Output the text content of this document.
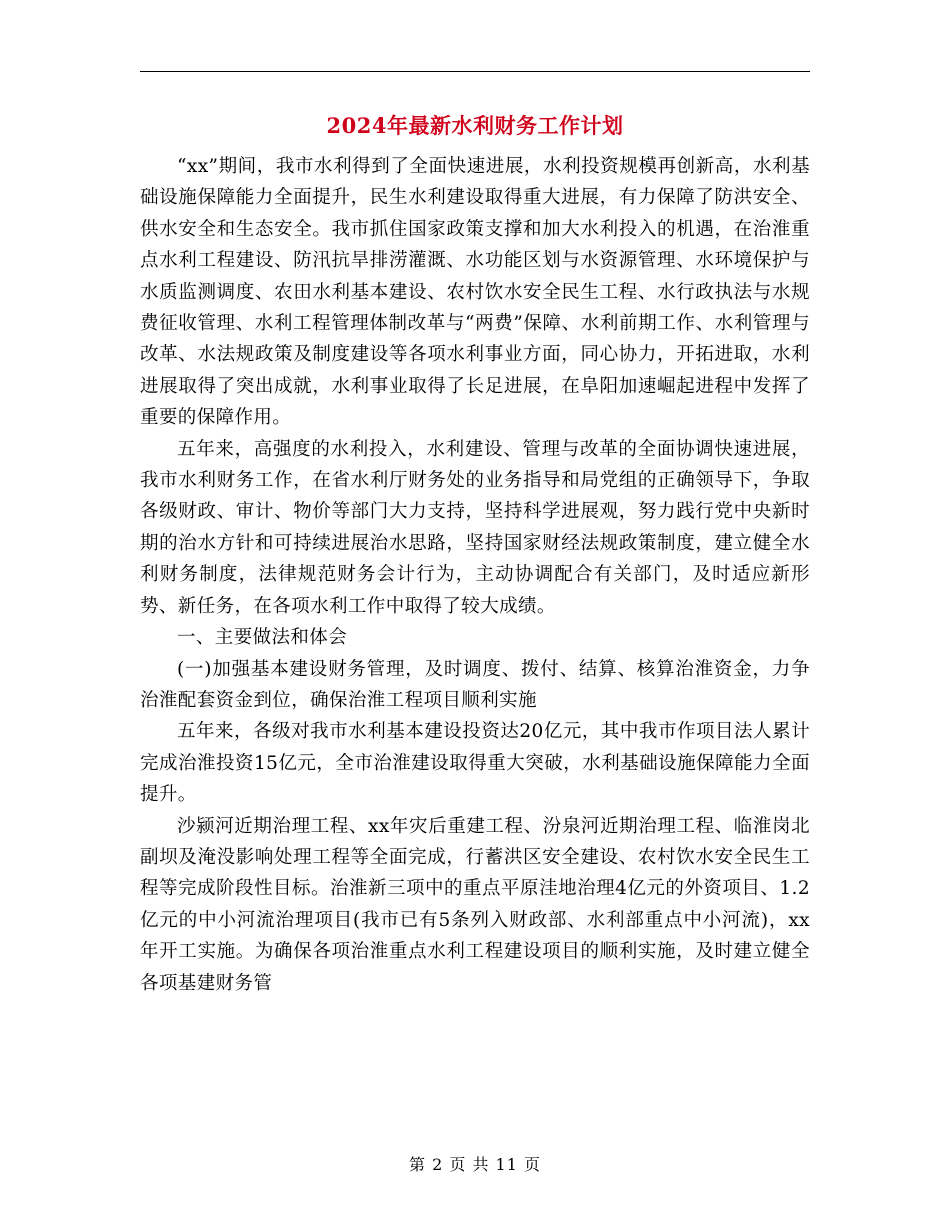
2024年最新水利财务工作计划

“xx”期间，我市水利得到了全面快速进展，水利投资规模再创新高，水利基础设施保障能力全面提升，民生水利建设取得重大进展，有力保障了防洪安全、供水安全和生态安全。我市抓住国家政策支撑和加大水利投入的机遇，在治淮重点水利工程建设、防汛抗旱排涝灌溉、水功能区划与水资源管理、水环境保护与水质监测调度、农田水利基本建设、农村饮水安全民生工程、水行政执法与水规费征收管理、水利工程管理体制改革与“两费”保障、水利前期工作、水利管理与改革、水法规政策及制度建设等各项水利事业方面，同心协力，开拓进取，水利进展取得了突出成就，水利事业取得了长足进展，在阜阳加速崛起进程中发挥了重要的保障作用。

五年来，高强度的水利投入，水利建设、管理与改革的全面协调快速进展，我市水利财务工作，在省水利厅财务处的业务指导和局党组的正确领导下，争取各级财政、审计、物价等部门大力支持，坚持科学进展观，努力践行党中央新时期的治水方针和可持续进展治水思路，坚持国家财经法规政策制度，建立健全水利财务制度，法律规范财务会计行为，主动协调配合有关部门，及时适应新形势、新任务，在各项水利工作中取得了较大成绩。

一、主要做法和体会

(一)加强基本建设财务管理，及时调度、拨付、结算、核算治淮资金，力争治淮配套资金到位，确保治淮工程项目顺利实施

五年来，各级对我市水利基本建设投资达20亿元，其中我市作项目法人累计完成治淮投资15亿元，全市治淮建设取得重大突破，水利基础设施保障能力全面提升。

沙颍河近期治理工程、xx年灾后重建工程、汾泉河近期治理工程、临淮岗北副坝及淹没影响处理工程等全面完成，行蓄洪区安全建设、农村饮水安全民生工程等完成阶段性目标。治淮新三项中的重点平原洼地治理4亿元的外资项目、1.2亿元的中小河流治理项目(我市已有5条列入财政部、水利部重点中小河流)，xx年开工实施。为确保各项治淮重点水利工程建设项目的顺利实施，及时建立健全各项基建财务管

第 2 页 共 11 页
